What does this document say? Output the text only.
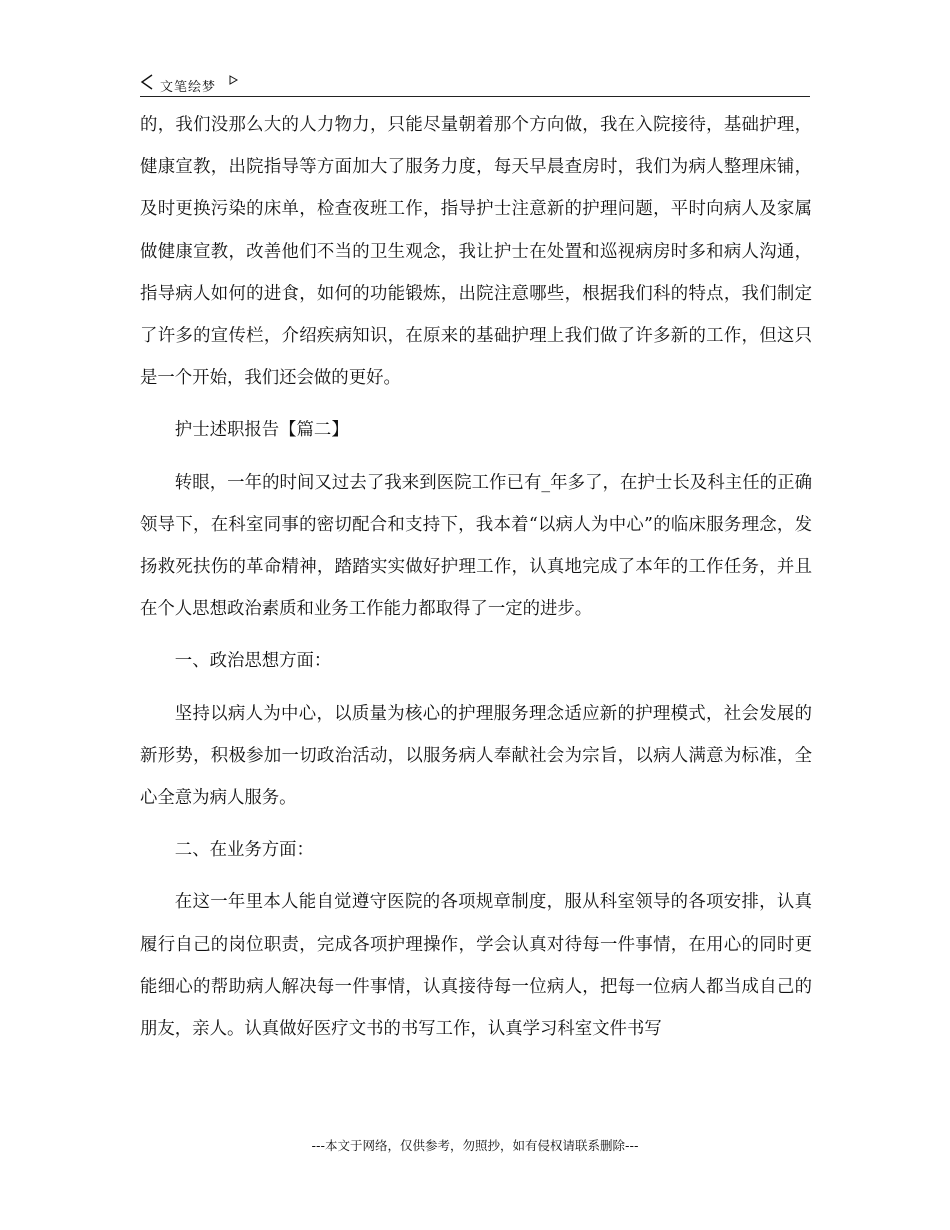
文笔绘梦

的，我们没那么大的人力物力，只能尽量朝着那个方向做，我在入院接待，基础护理，健康宣教，出院指导等方面加大了服务力度，每天早晨查房时，我们为病人整理床铺，及时更换污染的床单，检查夜班工作，指导护士注意新的护理问题，平时向病人及家属做健康宣教，改善他们不当的卫生观念，我让护士在处置和巡视病房时多和病人沟通，指导病人如何的进食，如何的功能锻炼，出院注意哪些，根据我们科的特点，我们制定了许多的宣传栏，介绍疾病知识，在原来的基础护理上我们做了许多新的工作，但这只是一个开始，我们还会做的更好。

护士述职报告【篇二】

转眼，一年的时间又过去了我来到医院工作已有_年多了，在护士长及科主任的正确领导下，在科室同事的密切配合和支持下，我本着“以病人为中心”的临床服务理念，发扬救死扶伤的革命精神，踏踏实实做好护理工作，认真地完成了本年的工作任务，并且在个人思想政治素质和业务工作能力都取得了一定的进步。

一、政治思想方面：

坚持以病人为中心，以质量为核心的护理服务理念适应新的护理模式，社会发展的新形势，积极参加一切政治活动，以服务病人奉献社会为宗旨，以病人满意为标准，全心全意为病人服务。

二、在业务方面：

在这一年里本人能自觉遵守医院的各项规章制度，服从科室领导的各项安排，认真履行自己的岗位职责，完成各项护理操作，学会认真对待每一件事情，在用心的同时更能细心的帮助病人解决每一件事情，认真接待每一位病人，把每一位病人都当成自己的朋友，亲人。认真做好医疗文书的书写工作，认真学习科室文件书写

---本文于网络，仅供参考，勿照抄，如有侵权请联系删除---
